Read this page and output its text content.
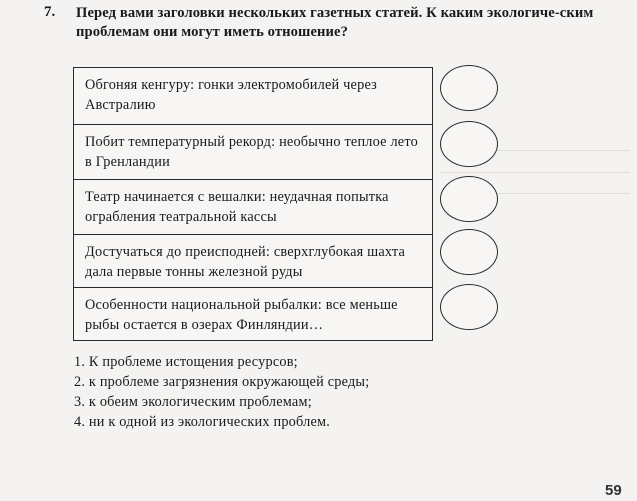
7. Перед вами заголовки нескольких газетных статей. К каким экологиче-ским проблемам они могут иметь отношение?
Обгоняя кенгуру: гонки электромобилей через Австралию
Побит температурный рекорд: необычно теплое лето в Гренландии
Театр начинается с вешалки: неудачная попытка ограбления театральной кассы
Достучаться до преисподней: сверхглубокая шахта дала первые тонны железной руды
Особенности национальной рыбалки: все меньше рыбы остается в озерах Финляндии…
1. К проблеме истощения ресурсов;
2. к проблеме загрязнения окружающей среды;
3. к обеим экологическим проблемам;
4. ни к одной из экологических проблем.
59
